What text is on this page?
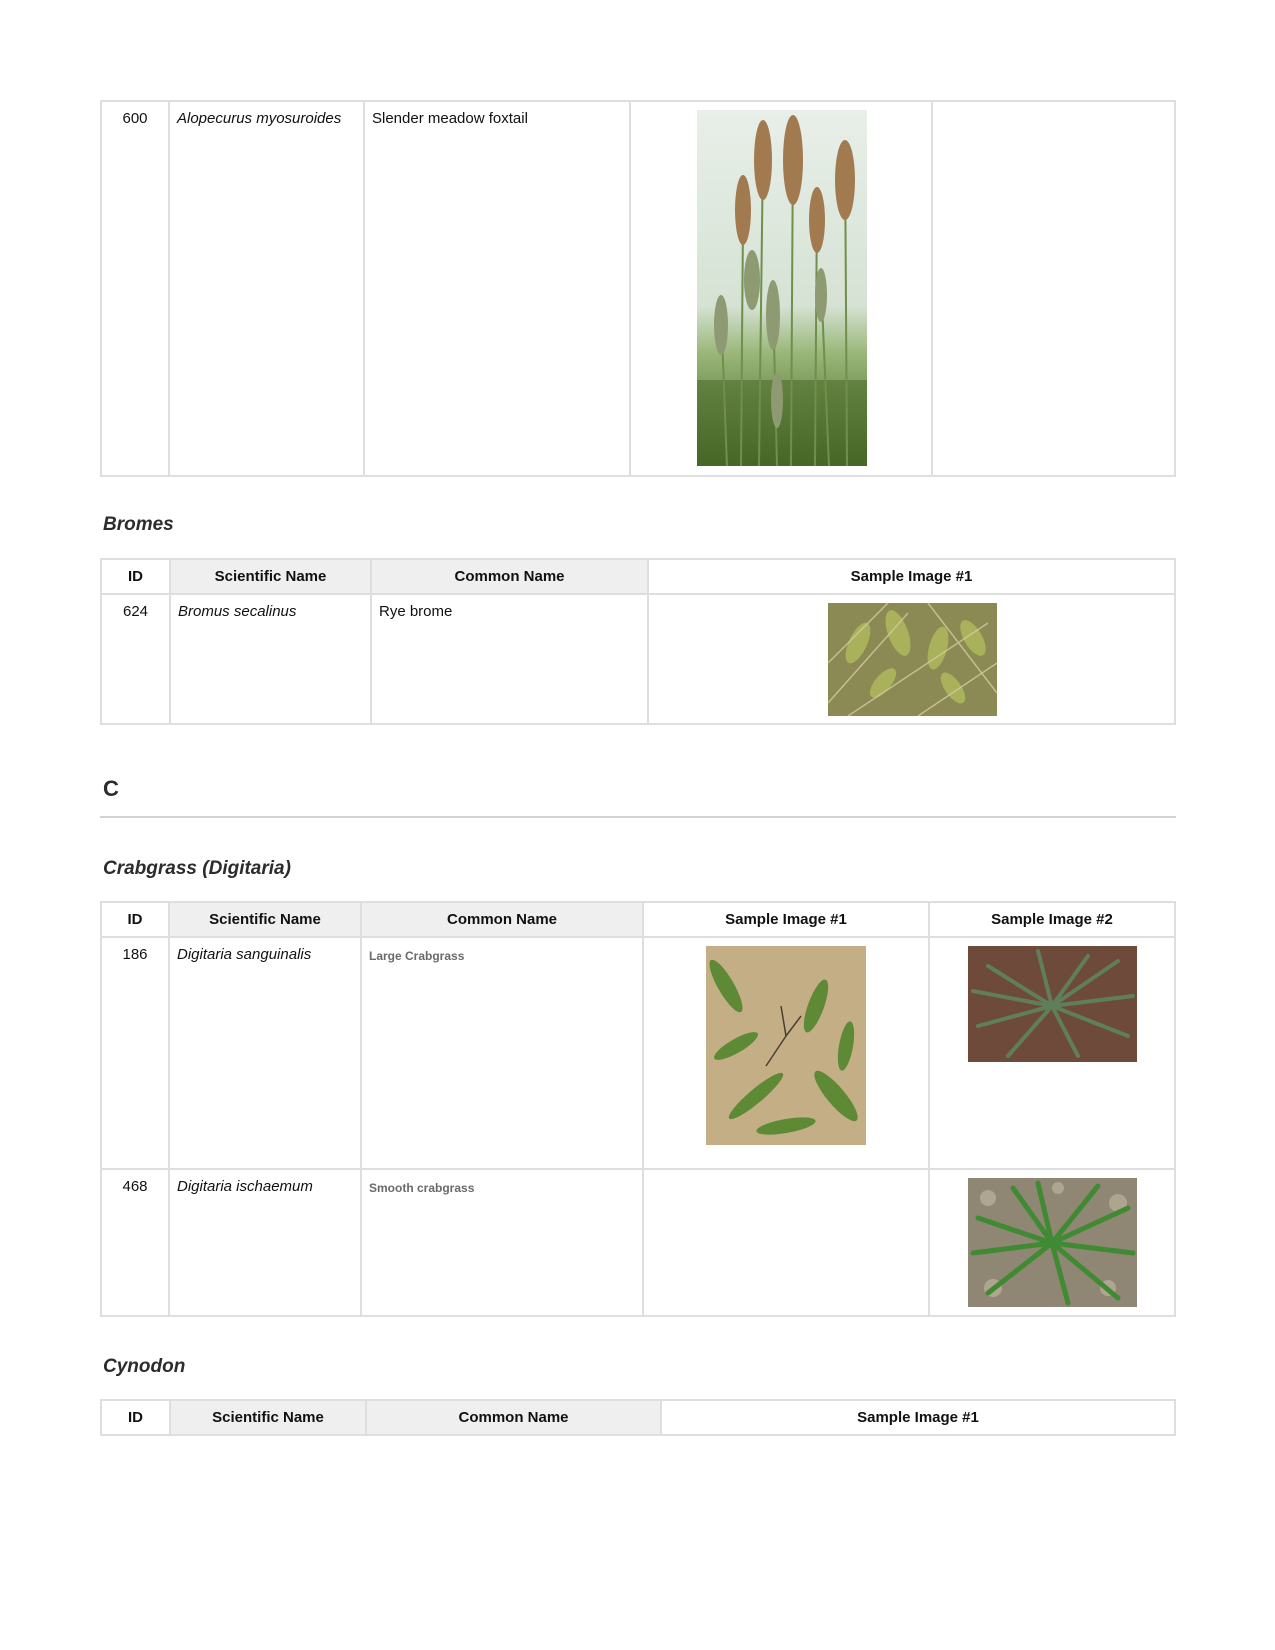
600	Alopecurus myosuroides	Slender meadow foxtail	

Bromes
ID	Scientific Name	Common Name	Sample Image #1
624	Bromus secalinus	Rye brome	
C
Crabgrass (Digitaria)
ID	Scientific Name	Common Name	Sample Image #1	Sample Image #2
186	Digitaria sanguinalis	Large Crabgrass	

468	Digitaria ischaemum	Smooth crabgrass		
Cynodon
ID	Scientific Name	Common Name	Sample Image #1
